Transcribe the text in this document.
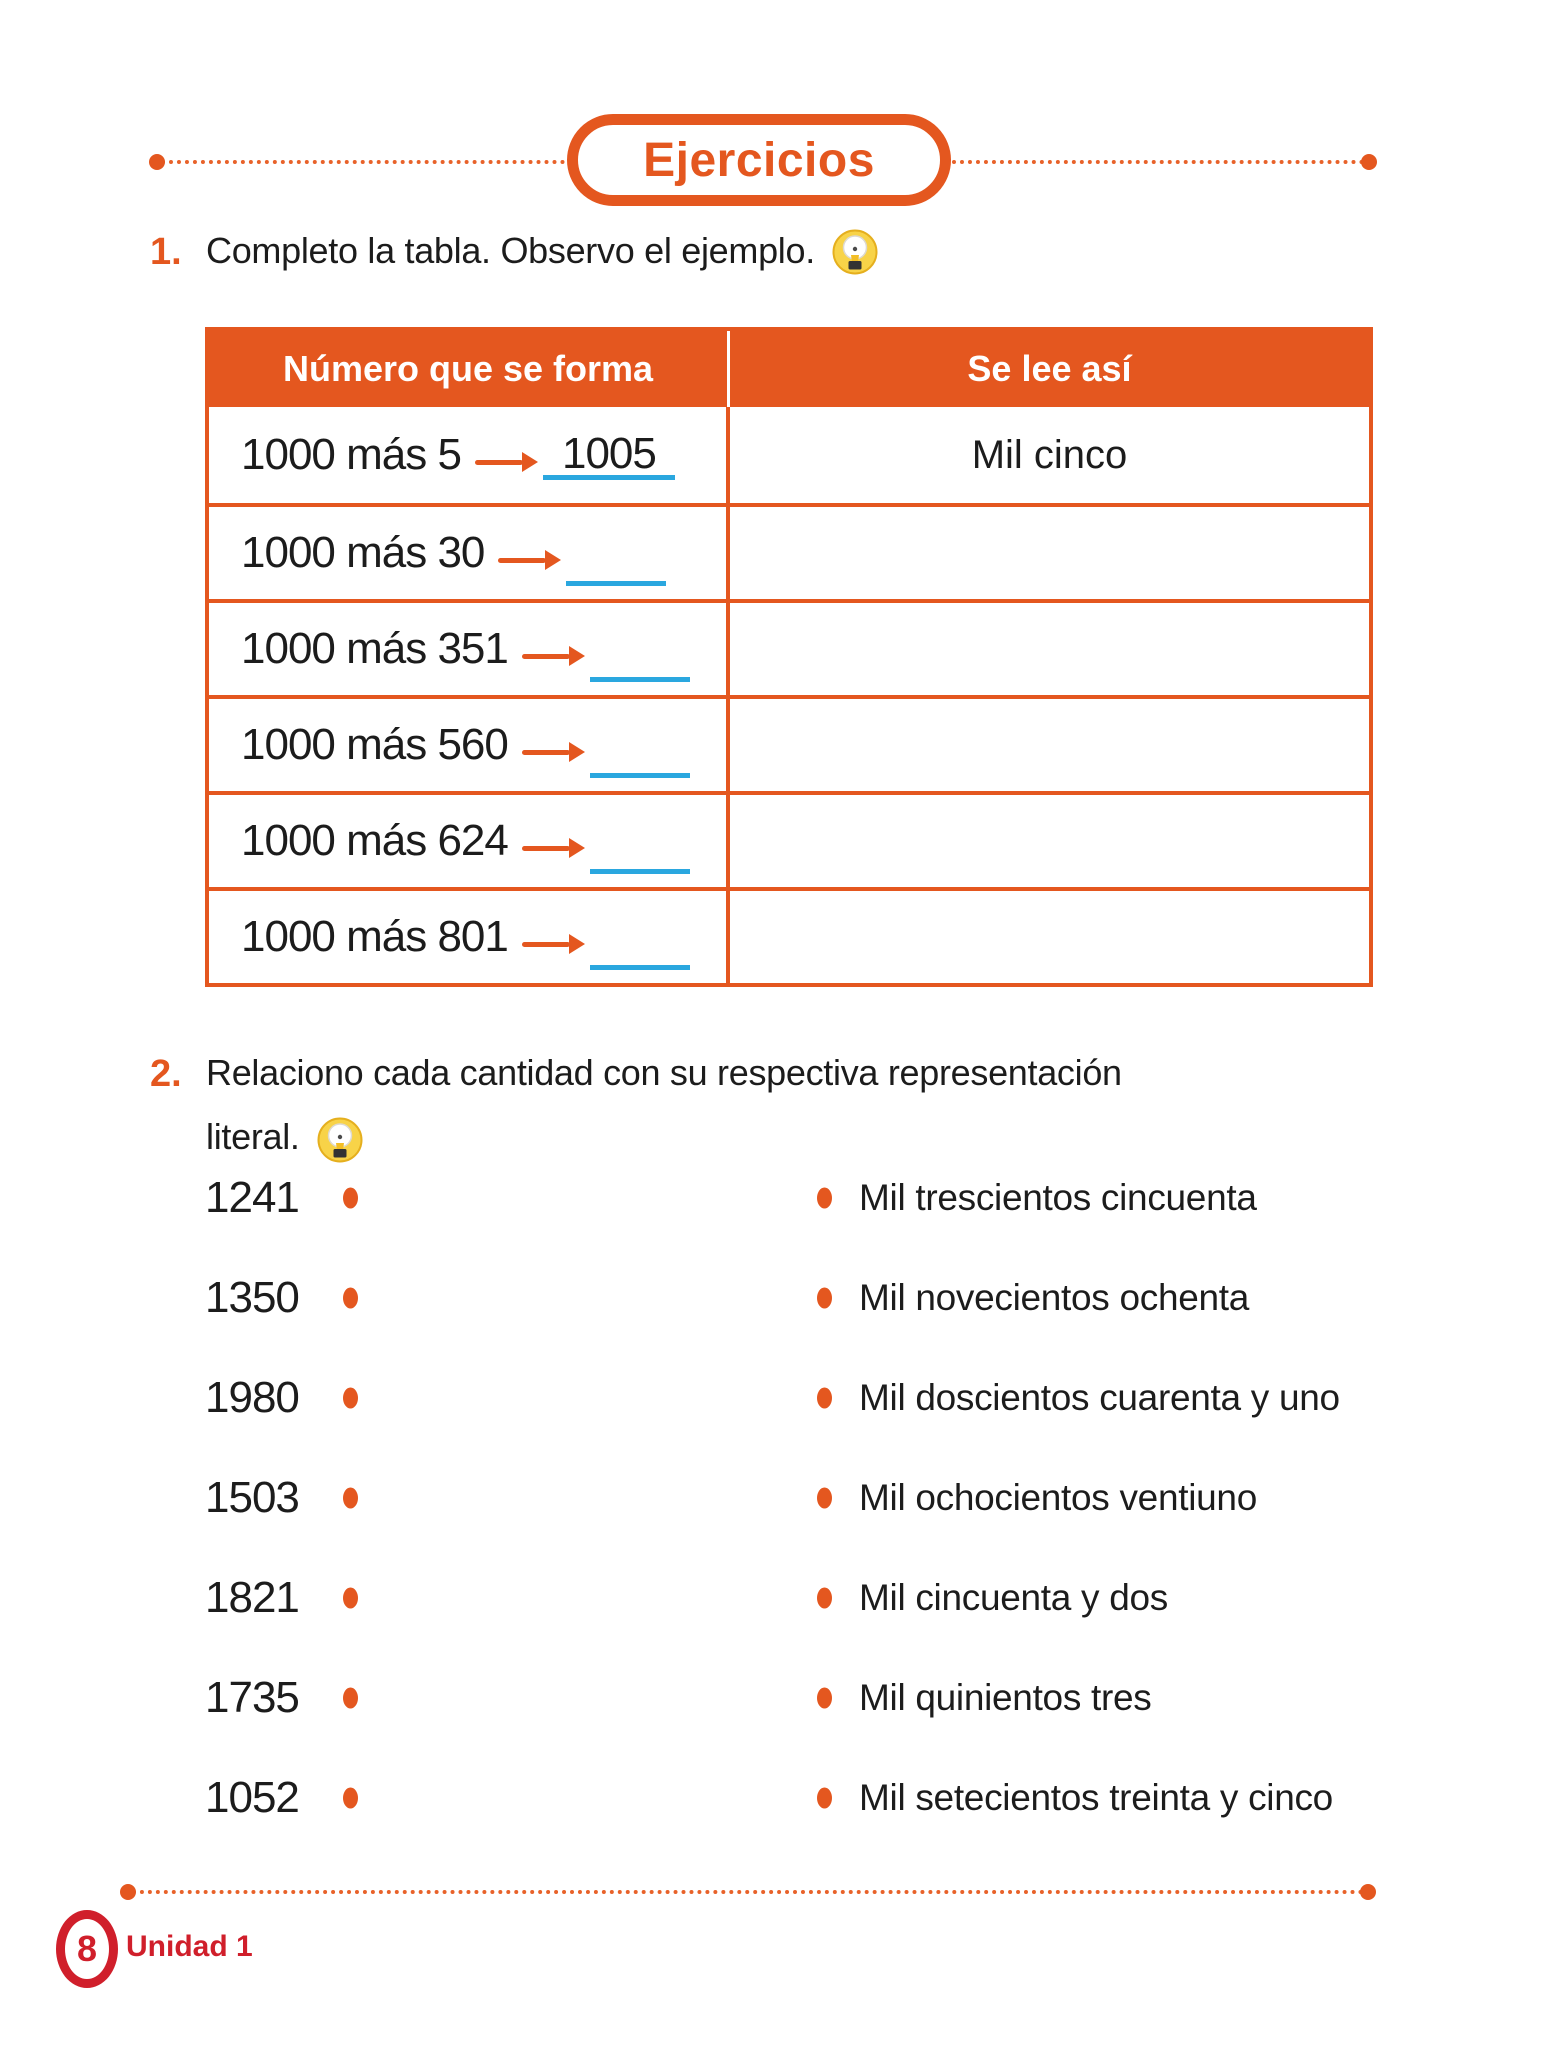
Ejercicios
1. Completo la tabla. Observo el ejemplo.
Número que se forma	Se lee así
1000 más 5 1005	Mil cinco
1000 más 30
1000 más 351
1000 más 560
1000 más 624
1000 más 801
2. Relaciono cada cantidad con su respectiva representación
literal.
1241	Mil trescientos cincuenta
1350	Mil novecientos ochenta
1980	Mil doscientos cuarenta y uno
1503	Mil ochocientos ventiuno
1821	Mil cincuenta y dos
1735	Mil quinientos tres
1052	Mil setecientos treinta y cinco
8 Unidad 1
